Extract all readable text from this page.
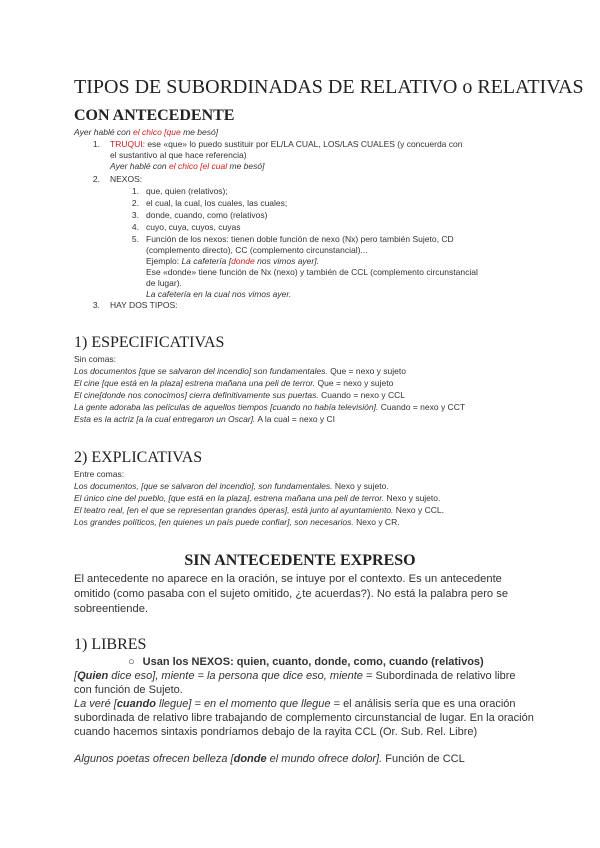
TIPOS DE SUBORDINADAS DE RELATIVO o RELATIVAS
CON ANTECEDENTE
Ayer hablé con el chico [que me besó]
1. TRUQUI: ese «que» lo puedo sustituir por EL/LA CUAL, LOS/LAS CUALES (y concuerda con
el sustantivo al que hace referencia)
Ayer hablé con el chico [el cual me besó]
2. NEXOS:
1. que, quien (relativos);
2. el cual, la cual, los cuales, las cuales;
3. donde, cuando, como (relativos)
4. cuyo, cuya, cuyos, cuyas
5. Función de los nexos: tienen doble función de nexo (Nx) pero también Sujeto, CD
(complemento directo), CC (complemento circunstancial)...
Ejemplo: La cafetería [donde nos vimos ayer].
Ese «donde» tiene función de Nx (nexo) y también de CCL (complemento circunstancial
de lugar).
La cafetería en la cual nos vimos ayer.
3. HAY DOS TIPOS:
1) ESPECIFICATIVAS
Sin comas:
Los documentos [que se salvaron del incendio] son fundamentales. Que = nexo y sujeto
El cine [que está en la plaza] estrena mañana una peli de terror. Que = nexo y sujeto
El cine[donde nos conocimos] cierra definitivamente sus puertas. Cuando = nexo y CCL
La gente adoraba las películas de aquellos tiempos [cuando no había televisión]. Cuando = nexo y CCT
Esta es la actriz [a la cual entregaron un Oscar]. A la cual = nexo y CI
2) EXPLICATIVAS
Entre comas:
Los documentos, [que se salvaron del incendio], son fundamentales. Nexo y sujeto.
El único cine del pueblo, [que está en la plaza], estrena mañana una peli de terror. Nexo y sujeto.
El teatro real, [en el que se representan grandes óperas], está junto al ayuntamiento. Nexo y CCL.
Los grandes políticos, [en quienes un país puede confiar], son necesarios. Nexo y CR.
SIN ANTECEDENTE EXPRESO
El antecedente no aparece en la oración, se intuye por el contexto. Es un antecedente omitido (como pasaba con el sujeto omitido, ¿te acuerdas?). No está la palabra pero se sobreentiende.
1) LIBRES
○ Usan los NEXOS: quien, cuanto, donde, como, cuando (relativos)
[Quien dice eso], miente = la persona que dice eso, miente = Subordinada de relativo libre con función de Sujeto.
La veré [cuando llegue] = en el momento que llegue = el análisis sería que es una oración subordinada de relativo libre trabajando de complemento circunstancial de lugar. En la oración cuando hacemos sintaxis pondríamos debajo de la rayita CCL (Or. Sub. Rel. Libre)
Algunos poetas ofrecen belleza [donde el mundo ofrece dolor]. Función de CCL
